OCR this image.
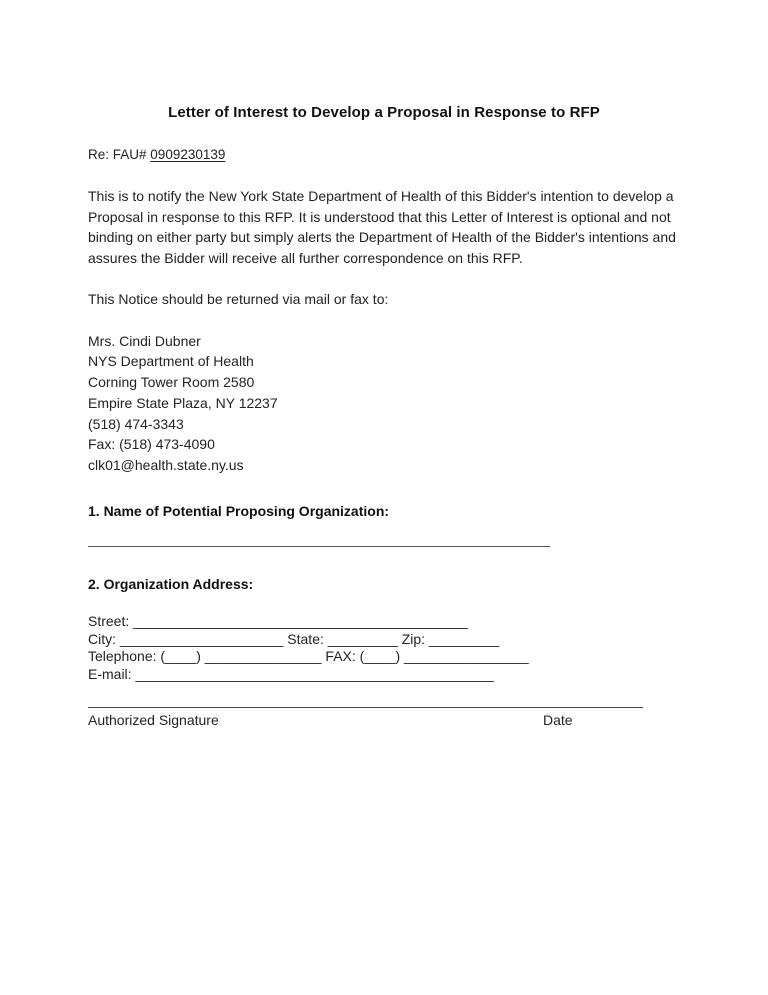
Letter of Interest to Develop a Proposal in Response to RFP
Re: FAU# 0909230139
This is to notify the New York State Department of Health of this Bidder's intention to develop a Proposal in response to this RFP. It is understood that this Letter of Interest is optional and not binding on either party but simply alerts the Department of Health of the Bidder's intentions and assures the Bidder will receive all further correspondence on this RFP.
This Notice should be returned via mail or fax to:
Mrs. Cindi Dubner
NYS Department of Health
Corning Tower Room 2580
Empire State Plaza, NY 12237
(518) 474-3343
Fax: (518) 473-4090
clk01@health.state.ny.us
1. Name of Potential Proposing Organization:
2. Organization Address:
Street: ___________________________________________
City: _____________________ State: _________ Zip: _________
Telephone: (____) _______________ FAX: (____) ________________
E-mail: ______________________________________________
Authorized Signature	Date
